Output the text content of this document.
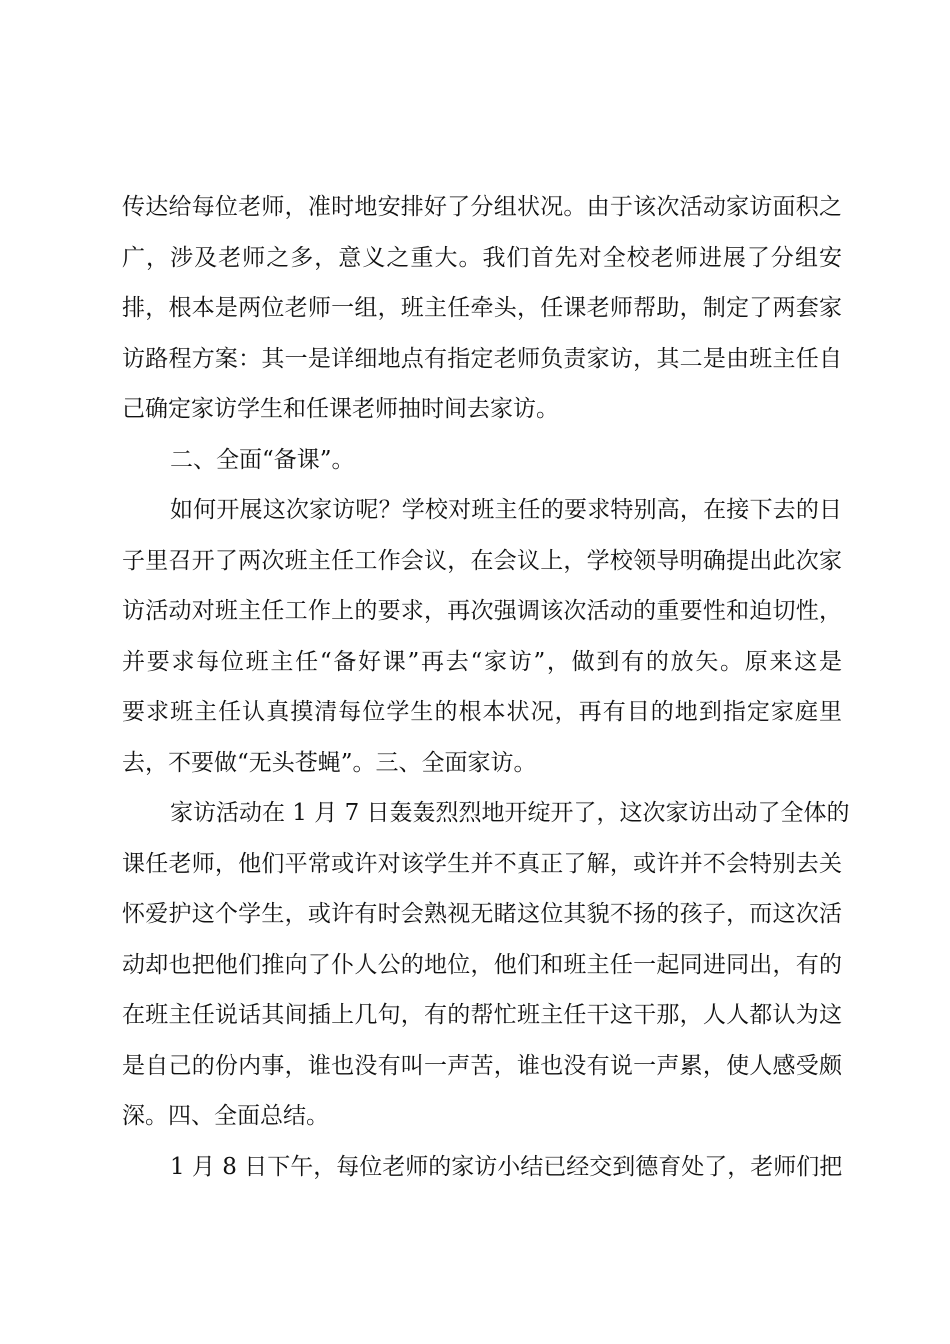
传达给每位老师，准时地安排好了分组状况。由于该次活动家访面积之
广，涉及老师之多，意义之重大。我们首先对全校老师进展了分组安
排，根本是两位老师一组，班主任牵头，任课老师帮助，制定了两套家
访路程方案：其一是详细地点有指定老师负责家访，其二是由班主任自
己确定家访学生和任课老师抽时间去家访。
二、全面“备课”。
如何开展这次家访呢？学校对班主任的要求特别高，在接下去的日
子里召开了两次班主任工作会议，在会议上，学校领导明确提出此次家
访活动对班主任工作上的要求，再次强调该次活动的重要性和迫切性，
并要求每位班主任“备好课”再去“家访”，做到有的放矢。原来这是
要求班主任认真摸清每位学生的根本状况，再有目的地到指定家庭里
去，不要做“无头苍蝇”。三、全面家访。
家访活动在 1 月 7 日轰轰烈烈地开绽开了，这次家访出动了全体的
课任老师，他们平常或许对该学生并不真正了解，或许并不会特别去关
怀爱护这个学生，或许有时会熟视无睹这位其貌不扬的孩子，而这次活
动却也把他们推向了仆人公的地位，他们和班主任一起同进同出，有的
在班主任说话其间插上几句，有的帮忙班主任干这干那，人人都认为这
是自己的份内事，谁也没有叫一声苦，谁也没有说一声累，使人感受颇
深。四、全面总结。
1 月 8 日下午，每位老师的家访小结已经交到德育处了，老师们把
